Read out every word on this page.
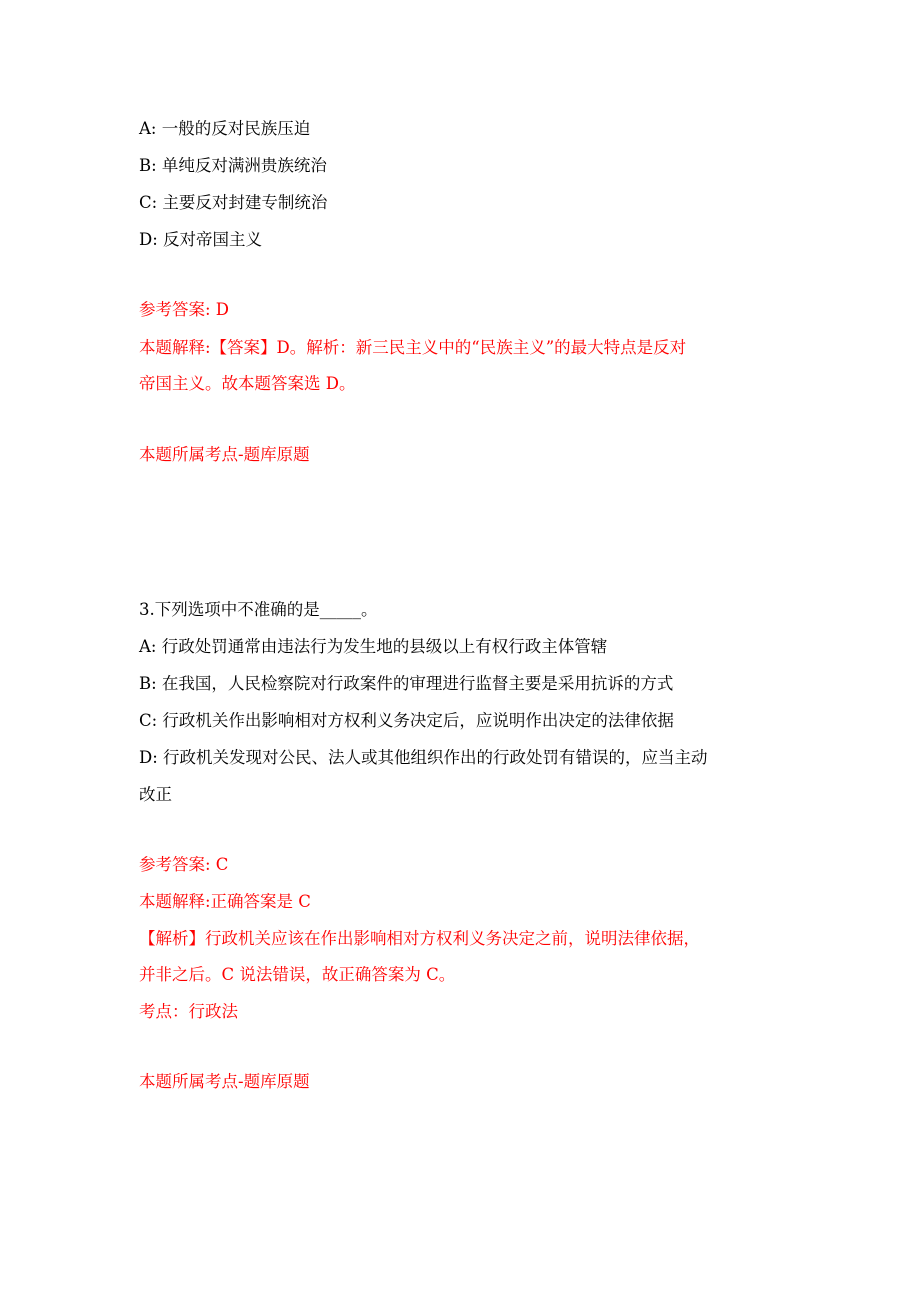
A: 一般的反对民族压迫

B: 单纯反对满洲贵族统治

C: 主要反对封建专制统治

D: 反对帝国主义

参考答案: D

本题解释:【答案】D。解析：新三民主义中的“民族主义”的最大特点是反对

帝国主义。故本题答案选 D。

本题所属考点-题库原题

3.下列选项中不准确的是_____。

A: 行政处罚通常由违法行为发生地的县级以上有权行政主体管辖

B: 在我国，人民检察院对行政案件的审理进行监督主要是采用抗诉的方式

C: 行政机关作出影响相对方权利义务决定后，应说明作出决定的法律依据

D: 行政机关发现对公民、法人或其他组织作出的行政处罚有错误的，应当主动

改正

参考答案: C

本题解释:正确答案是 C

【解析】行政机关应该在作出影响相对方权利义务决定之前，说明法律依据，

并非之后。C 说法错误，故正确答案为 C。

考点：行政法

本题所属考点-题库原题
